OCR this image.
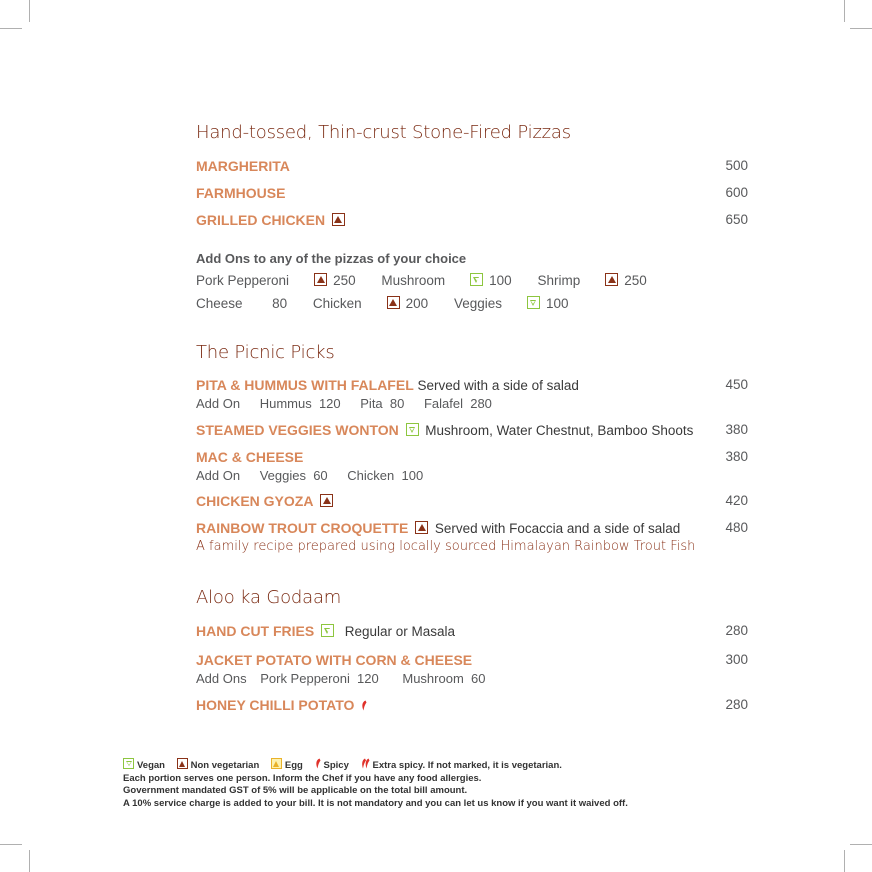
Hand-tossed, Thin-crust Stone-Fired Pizzas
MARGHERITA	500
FARMHOUSE	600
GRILLED CHICKEN	650
Add Ons to any of the pizzas of your choice
Pork Pepperoni	250 Mushroom	100 Shrimp	250
Cheese 80 Chicken	200 Veggies	100
The Picnic Picks
PITA & HUMMUS WITH FALAFEL Served with a side of salad	450
Add On Hummus  120 Pita  80 Falafel  280
STEAMED VEGGIES WONTON Mushroom, Water Chestnut, Bamboo Shoots 380
MAC & CHEESE	380
Add On Veggies  60 Chicken  100
CHICKEN GYOZA	420
RAINBOW TROUT CROQUETTE Served with Focaccia and a side of salad	480
A family recipe prepared using locally sourced Himalayan Rainbow Trout Fish
Aloo ka Godaam
HAND CUT FRIES Regular or Masala	280
JACKET POTATO WITH CORN & CHEESE	300
Add Ons Pork Pepperoni  120 Mushroom  60
HONEY CHILLI POTATO	280
Vegan	Non vegetarian	Egg Spicy Extra spicy. If not marked, it is vegetarian.
Each portion serves one person. Inform the Chef if you have any food allergies.
Government mandated GST of 5% will be applicable on the total bill amount.
A 10% service charge is added to your bill. It is not mandatory and you can let us know if you want it waived off.
